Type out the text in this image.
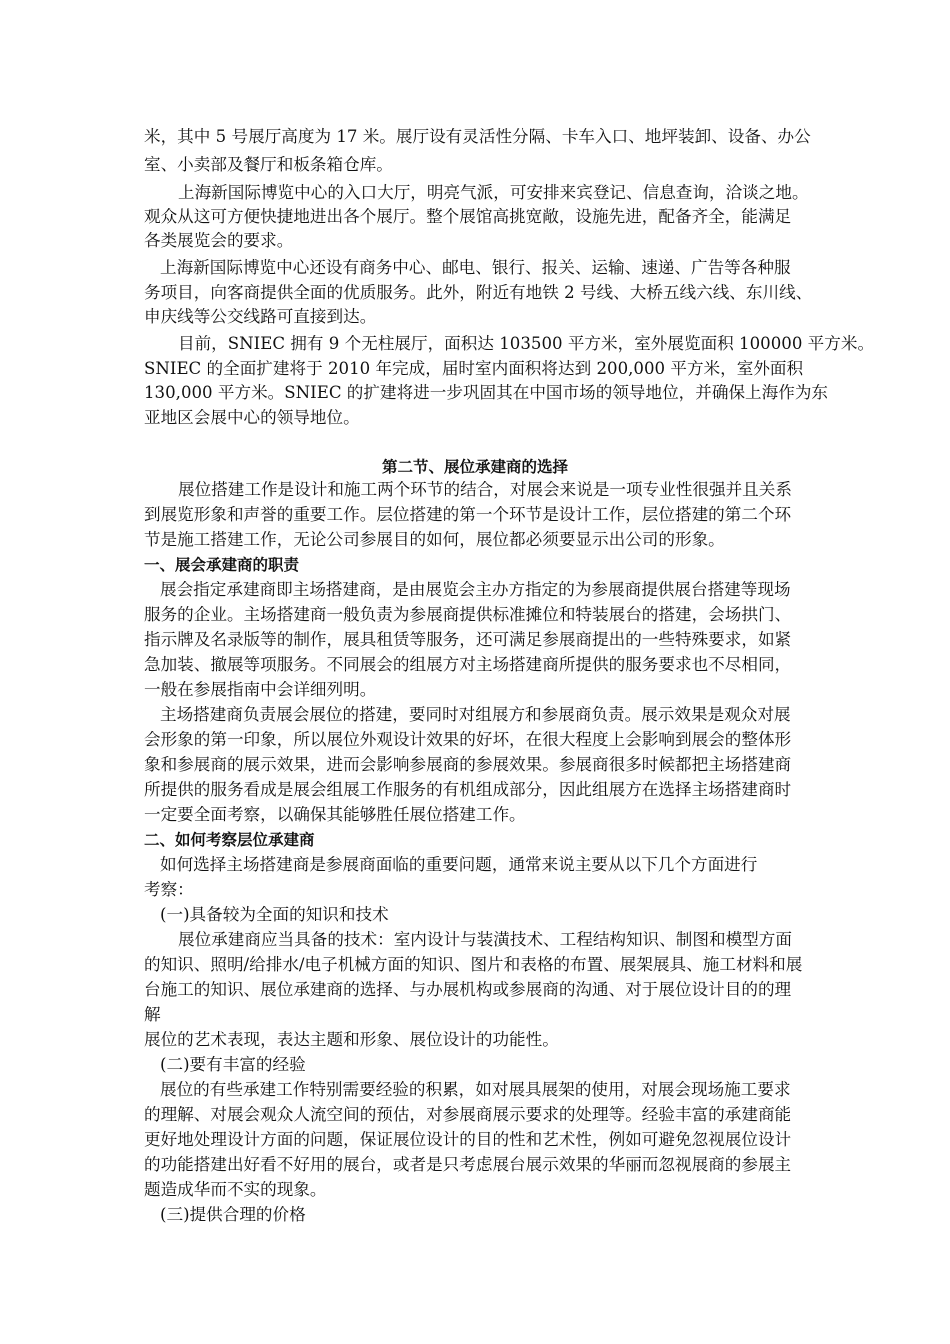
米，其中 5 号展厅高度为 17 米。展厅设有灵活性分隔、卡车入口、地坪装卸、设备、办公
室、小卖部及餐厅和板条箱仓库。
上海新国际博览中心的入口大厅，明亮气派，可安排来宾登记、信息查询，洽谈之地。
观众从这可方便快捷地进出各个展厅。整个展馆高挑宽敞，设施先进，配备齐全，能满足
各类展览会的要求。
上海新国际博览中心还设有商务中心、邮电、银行、报关、运输、速递、广告等各种服
务项目，向客商提供全面的优质服务。此外，附近有地铁 2 号线、大桥五线六线、东川线、
申庆线等公交线路可直接到达。
目前，SNIEC 拥有 9 个无柱展厅，面积达 103500 平方米，室外展览面积 100000 平方米。
SNIEC 的全面扩建将于 2010 年完成，届时室内面积将达到 200,000 平方米，室外面积
130,000 平方米。SNIEC 的扩建将进一步巩固其在中国市场的领导地位，并确保上海作为东
亚地区会展中心的领导地位。
第二节、展位承建商的选择
展位搭建工作是设计和施工两个环节的结合，对展会来说是一项专业性很强并且关系
到展览形象和声誉的重要工作。层位搭建的第一个环节是设计工作，层位搭建的第二个环
节是施工搭建工作，无论公司参展目的如何，展位都必须要显示出公司的形象。
一、展会承建商的职责
展会指定承建商即主场搭建商，是由展览会主办方指定的为参展商提供展台搭建等现场
服务的企业。主场搭建商一般负责为参展商提供标准摊位和特装展台的搭建，会场拱门、
指示牌及名录版等的制作，展具租赁等服务，还可满足参展商提出的一些特殊要求，如紧
急加装、撤展等项服务。不同展会的组展方对主场搭建商所提供的服务要求也不尽相同，
一般在参展指南中会详细列明。
主场搭建商负责展会展位的搭建，要同时对组展方和参展商负责。展示效果是观众对展
会形象的第一印象，所以展位外观设计效果的好坏，在很大程度上会影响到展会的整体形
象和参展商的展示效果，进而会影响参展商的参展效果。参展商很多时候都把主场搭建商
所提供的服务看成是展会组展工作服务的有机组成部分，因此组展方在选择主场搭建商时
一定要全面考察，以确保其能够胜任展位搭建工作。
二、如何考察层位承建商
如何选择主场搭建商是参展商面临的重要问题，通常来说主要从以下几个方面进行
考察：
(一)具备较为全面的知识和技术
展位承建商应当具备的技术：室内设计与装潢技术、工程结构知识、制图和模型方面
的知识、照明/给排水/电子机械方面的知识、图片和表格的布置、展架展具、施工材料和展
台施工的知识、展位承建商的选择、与办展机构或参展商的沟通、对于展位设计目的的理
解
展位的艺术表现，表达主题和形象、展位设计的功能性。
(二)要有丰富的经验
展位的有些承建工作特别需要经验的积累，如对展具展架的使用，对展会现场施工要求
的理解、对展会观众人流空间的预估，对参展商展示要求的处理等。经验丰富的承建商能
更好地处理设计方面的问题，保证展位设计的目的性和艺术性，例如可避免忽视展位设计
的功能搭建出好看不好用的展台，或者是只考虑展台展示效果的华丽而忽视展商的参展主
题造成华而不实的现象。
(三)提供合理的价格
